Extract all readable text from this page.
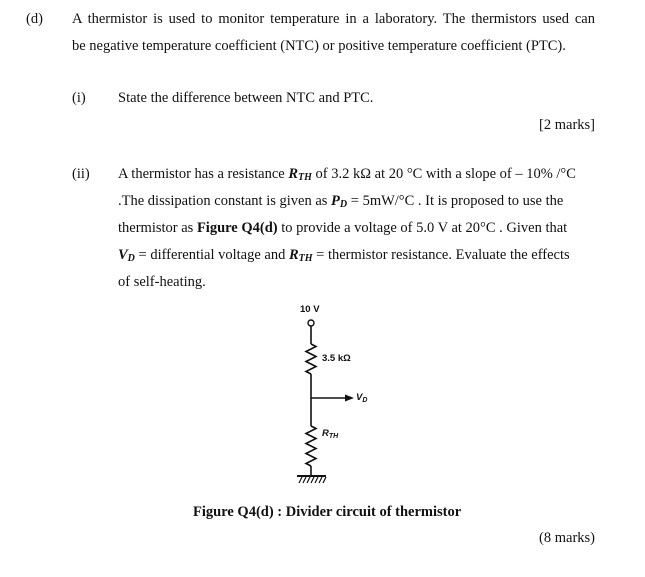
(d) A thermistor is used to monitor temperature in a laboratory. The thermistors used can
be negative temperature coefficient (NTC) or positive temperature coefficient (PTC).
(i) State the difference between NTC and PTC.
[2 marks]
(ii) A thermistor has a resistance $R_{TH}$ of 3.2 kΩ at 20 °C with a slope of – 10% /°C
.The dissipation constant is given as $P_D = 5mW/^\circ C$ . It is proposed to use the
thermistor as Figure Q4(d) to provide a voltage of 5.0 V at 20°C . Given that
$V_D$ = differential voltage and $R_{TH}$ = thermistor resistance. Evaluate the effects
of self-heating.
10 V
3.5 kΩ
$V_D$
$R_{TH}$
Figure Q4(d) : Divider circuit of thermistor
(8 marks)
